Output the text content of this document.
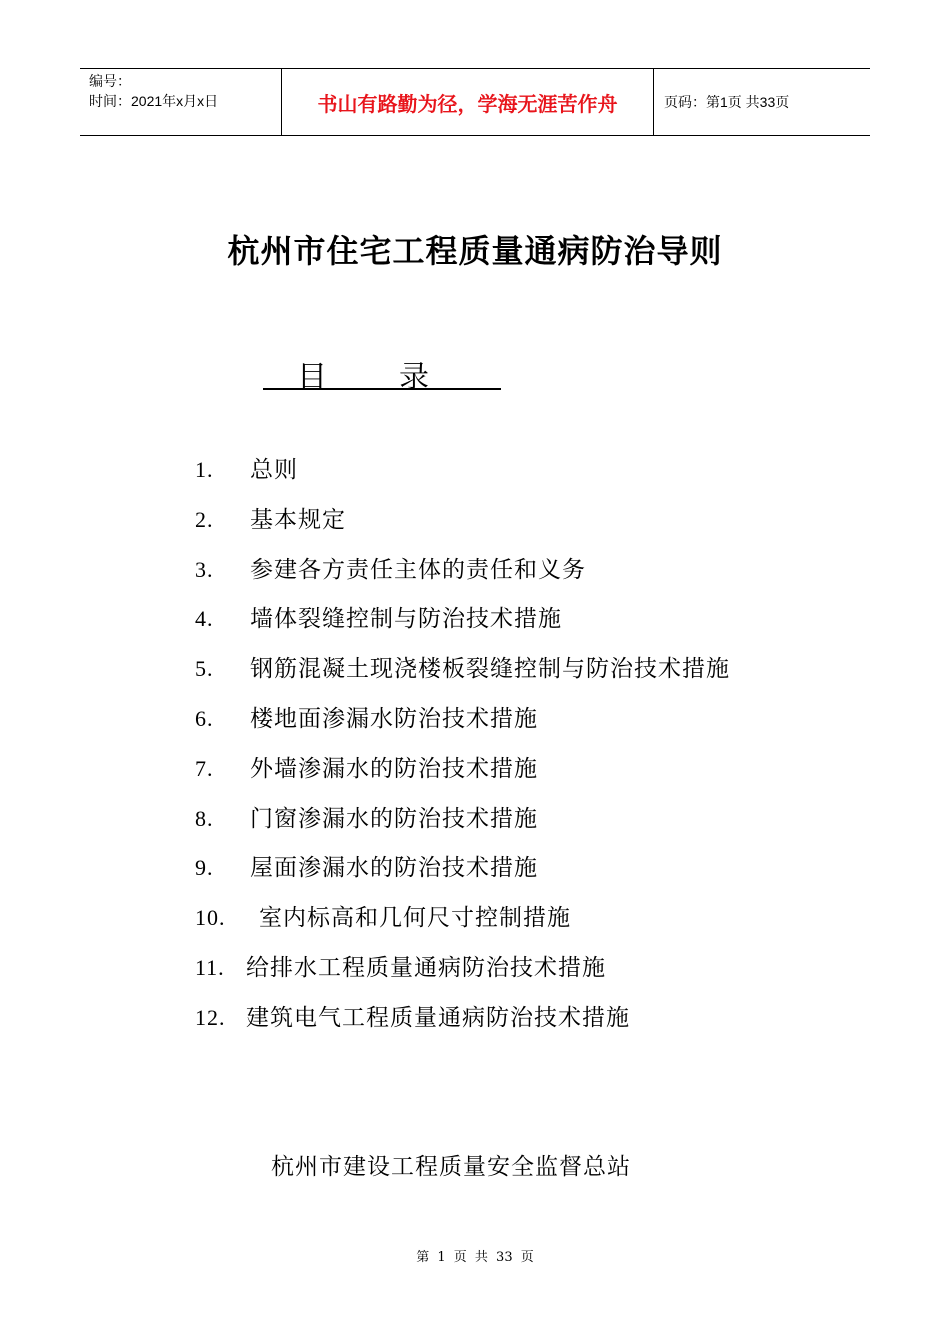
编号：
时间：2021年x月x日	书山有路勤为径，学海无涯苦作舟	页码：第1页 共33页
杭州市住宅工程质量通病防治导则
目 录
1. 总则
2. 基本规定
3. 参建各方责任主体的责任和义务
4. 墙体裂缝控制与防治技术措施
5. 钢筋混凝土现浇楼板裂缝控制与防治技术措施
6. 楼地面渗漏水防治技术措施
7. 外墙渗漏水的防治技术措施
8. 门窗渗漏水的防治技术措施
9. 屋面渗漏水的防治技术措施
10. 室内标高和几何尺寸控制措施
11. 给排水工程质量通病防治技术措施
12. 建筑电气工程质量通病防治技术措施
杭州市建设工程质量安全监督总站
第 1 页 共 33 页
